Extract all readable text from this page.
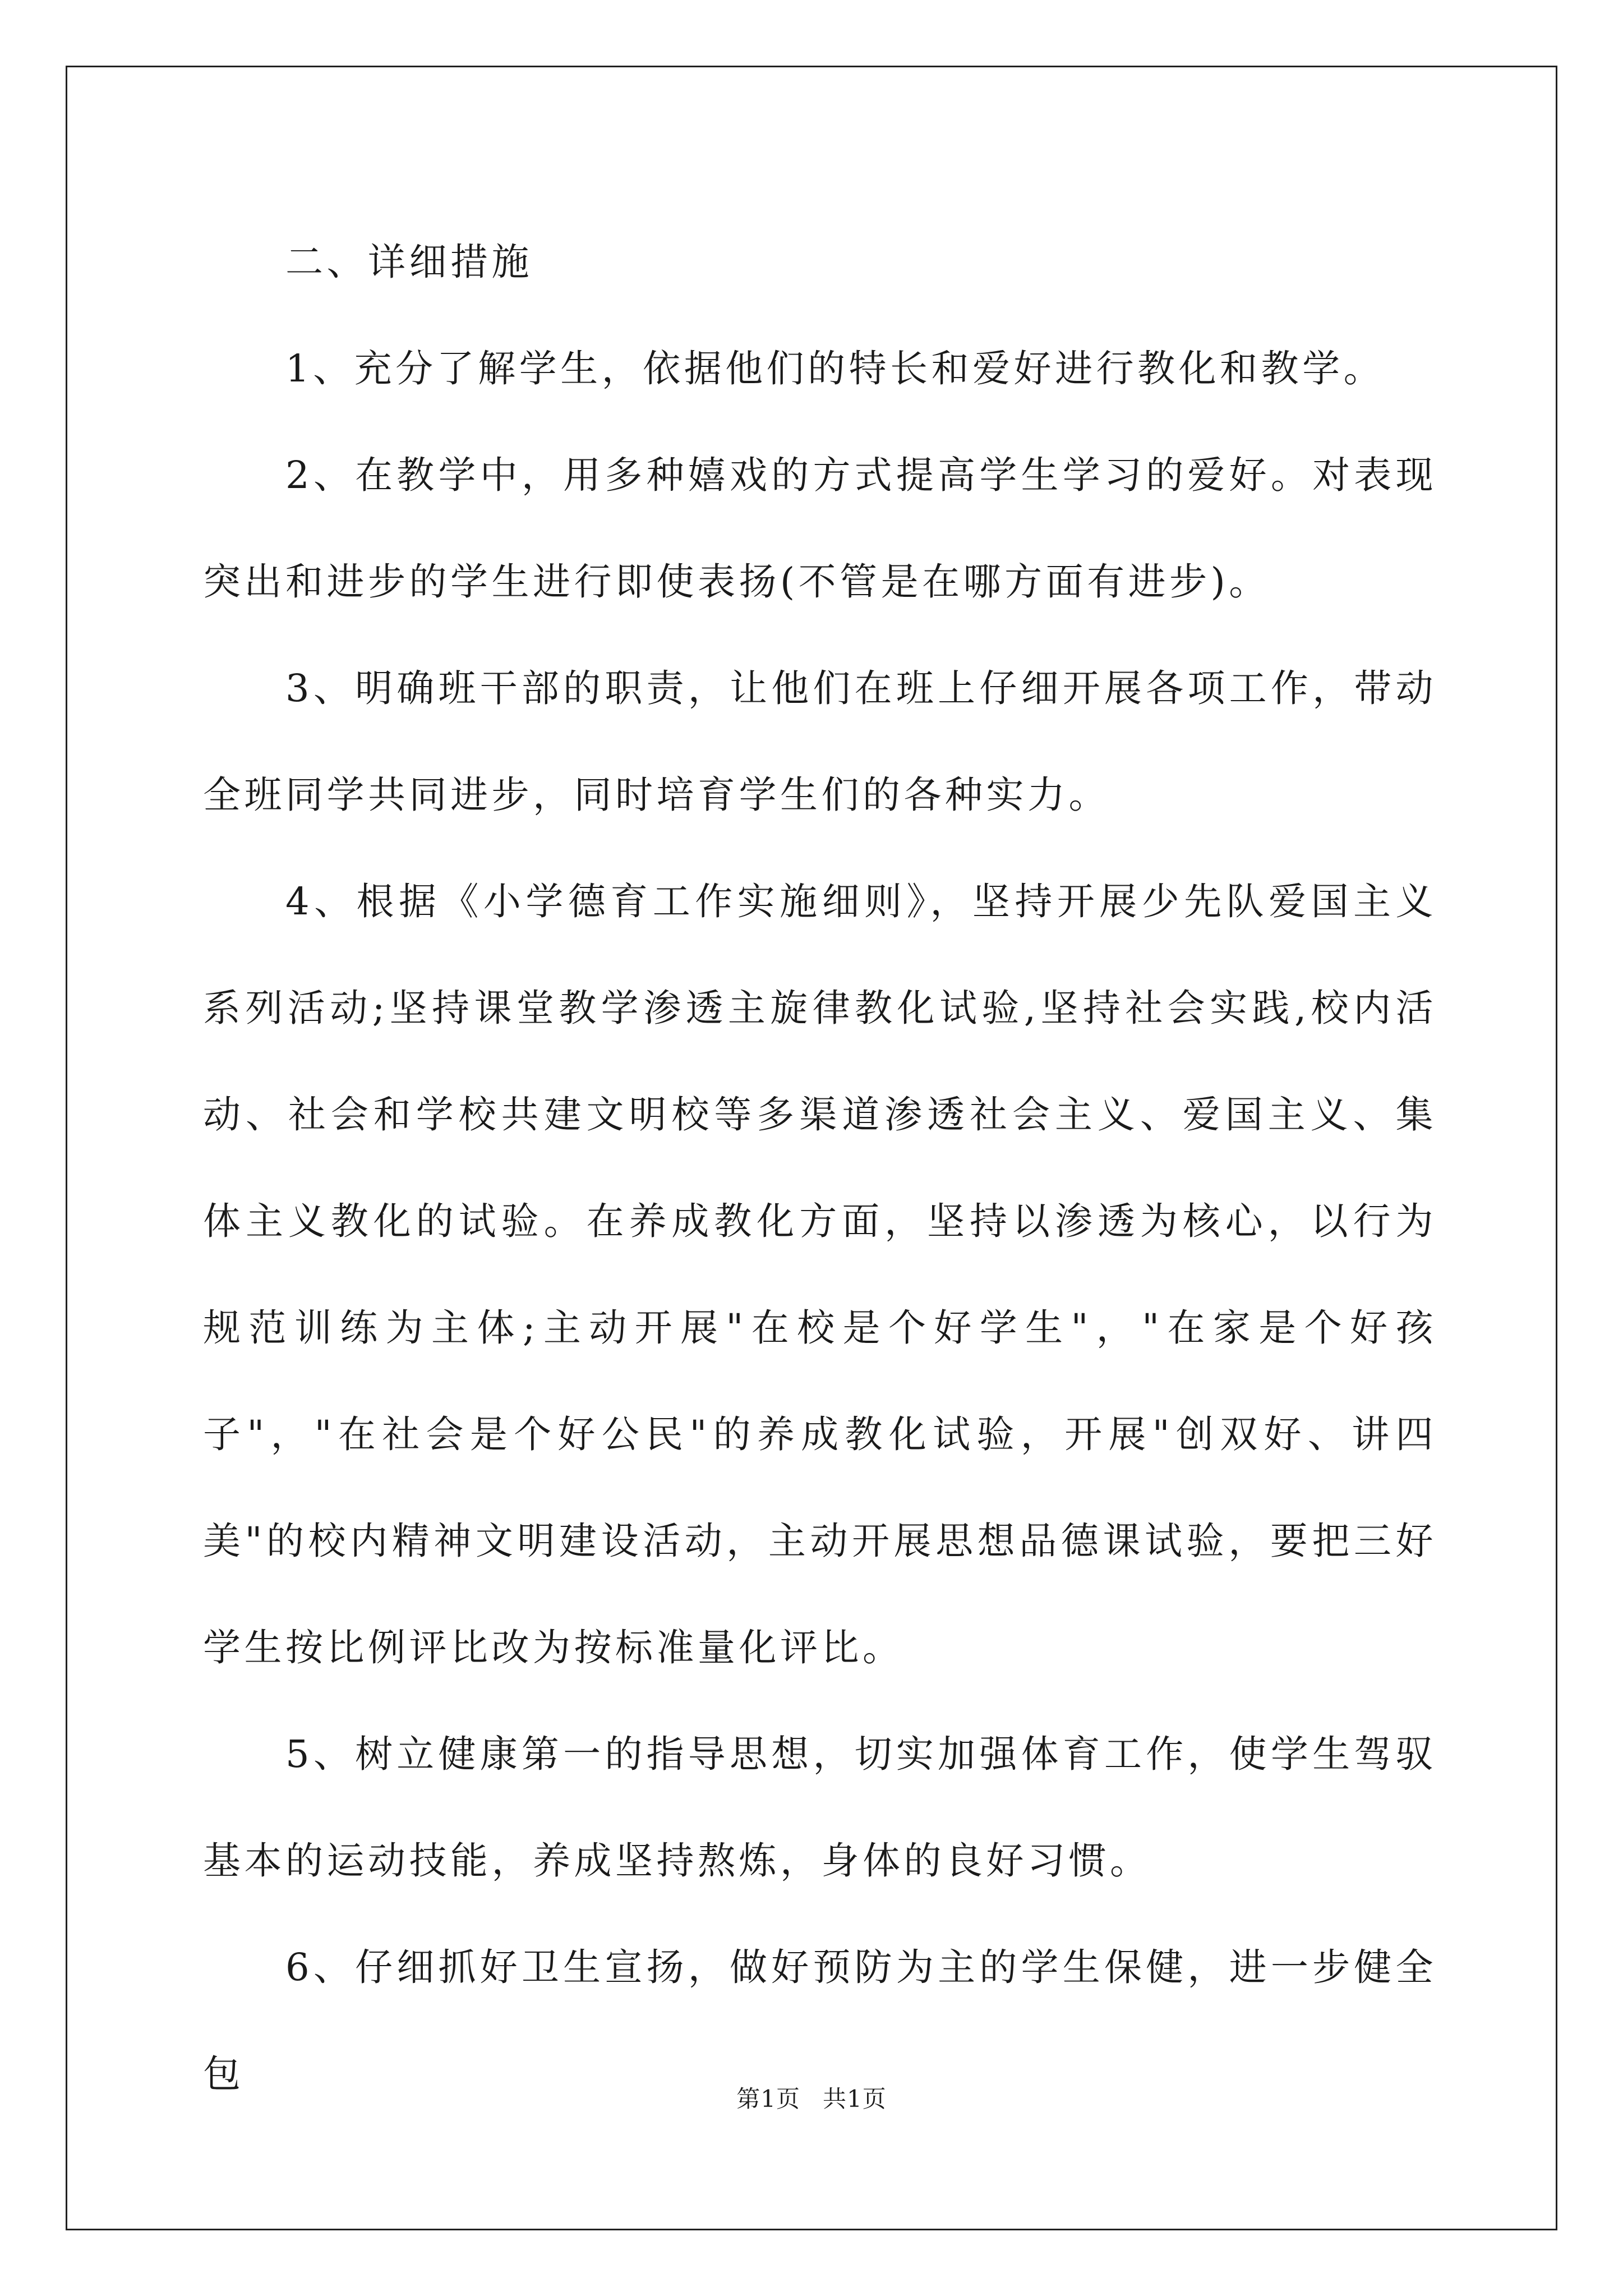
二、详细措施

1、充分了解学生，依据他们的特长和爱好进行教化和教学。

2、在教学中，用多种嬉戏的方式提高学生学习的爱好。对表现突出和进步的学生进行即使表扬(不管是在哪方面有进步)。

3、明确班干部的职责，让他们在班上仔细开展各项工作，带动全班同学共同进步，同时培育学生们的各种实力。

4、根据《小学德育工作实施细则》，坚持开展少先队爱国主义系列活动;坚持课堂教学渗透主旋律教化试验,坚持社会实践,校内活动、社会和学校共建文明校等多渠道渗透社会主义、爱国主义、集体主义教化的试验。在养成教化方面，坚持以渗透为核心，以行为规范训练为主体;主动开展"在校是个好学生"，"在家是个好孩子"，"在社会是个好公民"的养成教化试验，开展"创双好、讲四美"的校内精神文明建设活动，主动开展思想品德课试验，要把三好学生按比例评比改为按标准量化评比。

5、树立健康第一的指导思想，切实加强体育工作，使学生驾驭基本的运动技能，养成坚持熬炼，身体的良好习惯。

6、仔细抓好卫生宣扬，做好预防为主的学生保健，进一步健全包

第1页 共1页
